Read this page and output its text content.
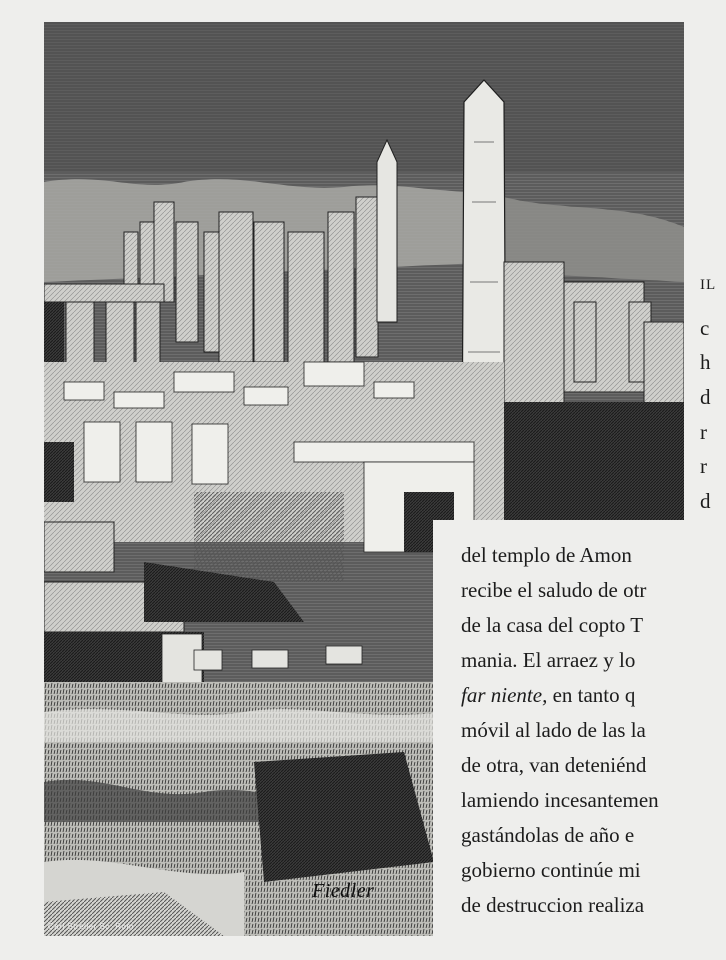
IL
c
h
d
r
r
d
del templo de Amon
recibe el saludo de otr
de la casa del copto T
mania. El arraez y lo
far niente, en tanto q
móvil al lado de las la
de otra, van deteniénd
lamiendo incesantemen
gastándolas de año e
gobierno continúe mi
de destruccion realiza
Carl Streller Sc. Rom
Fiedler
